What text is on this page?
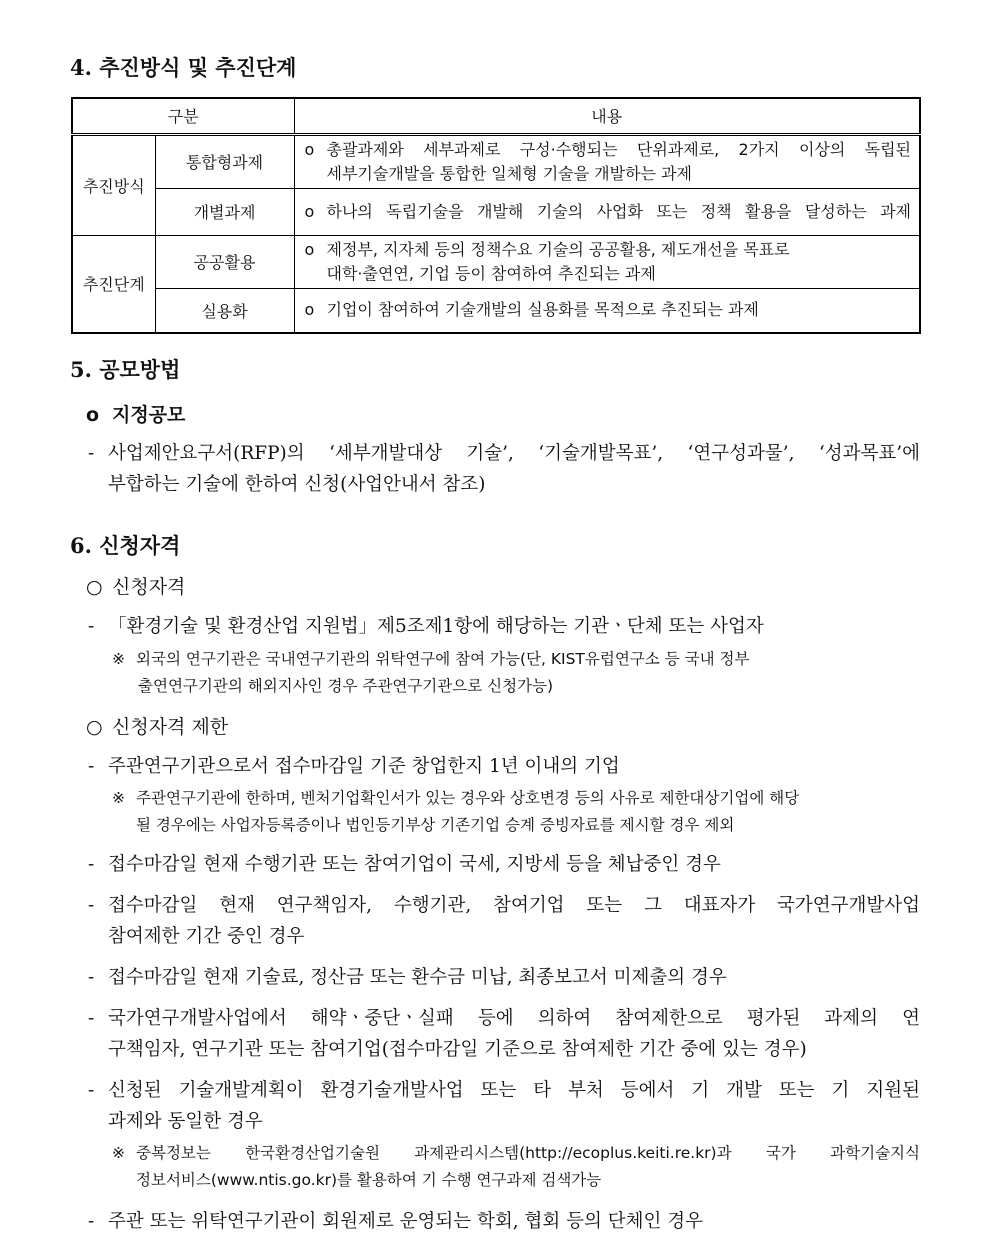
4. 추진방식 및 추진단계
구분		내용
추진방식	통합형과제	o 총괄과제와 세부과제로 구성·수행되는 단위과제로, 2가지 이상의 독립된
세부기술개발을 통합한 일체형 기술을 개발하는 과제

	개별과제	o 하나의 독립기술을 개발해 기술의 사업화 또는 정책 활용을 달성하는 과제

추진단계	공공활용	o 제정부, 지자체 등의 정책수요 기술의 공공활용, 제도개선을 목표로
대학·출연연, 기업 등이 참여하여 추진되는 과제

	실용화	o 기업이 참여하여 기술개발의 실용화를 목적으로 추진되는 과제
5. 공모방법
o 지정공모
- 사업제안요구서(RFP)의 ‘세부개발대상 기술’, ‘기술개발목표’, ‘연구성과물’, ‘성과목표’에
부합하는 기술에 한하여 신청(사업안내서 참조)
6. 신청자격
○ 신청자격
- 「환경기술 및 환경산업 지원법」제5조제1항에 해당하는 기관ㆍ단체 또는 사업자
※ 외국의 연구기관은 국내연구기관의 위탁연구에 참여 가능(단, KIST유럽연구소 등 국내 정부
출연연구기관의 해외지사인 경우 주관연구기관으로 신청가능)
○ 신청자격 제한
- 주관연구기관으로서 접수마감일 기준 창업한지 1년 이내의 기업
※ 주관연구기관에 한하며, 벤처기업확인서가 있는 경우와 상호변경 등의 사유로 제한대상기업에 해당
될 경우에는 사업자등록증이나 법인등기부상 기존기업 승계 증빙자료를 제시할 경우 제외
- 접수마감일 현재 수행기관 또는 참여기업이 국세, 지방세 등을 체납중인 경우
- 접수마감일 현재 연구책임자, 수행기관, 참여기업 또는 그 대표자가 국가연구개발사업
참여제한 기간 중인 경우
- 접수마감일 현재 기술료, 정산금 또는 환수금 미납, 최종보고서 미제출의 경우
- 국가연구개발사업에서 해약ㆍ중단ㆍ실패 등에 의하여 참여제한으로 평가된 과제의 연
구책임자, 연구기관 또는 참여기업(접수마감일 기준으로 참여제한 기간 중에 있는 경우)
- 신청된 기술개발계획이 환경기술개발사업 또는 타 부처 등에서 기 개발 또는 기 지원된
과제와 동일한 경우
※ 중복정보는 한국환경산업기술원 과제관리시스템(http://ecoplus.keiti.re.kr)과 국가 과학기술지식
정보서비스(www.ntis.go.kr)를 활용하여 기 수행 연구과제 검색가능
- 주관 또는 위탁연구기관이 회원제로 운영되는 학회, 협회 등의 단체인 경우
